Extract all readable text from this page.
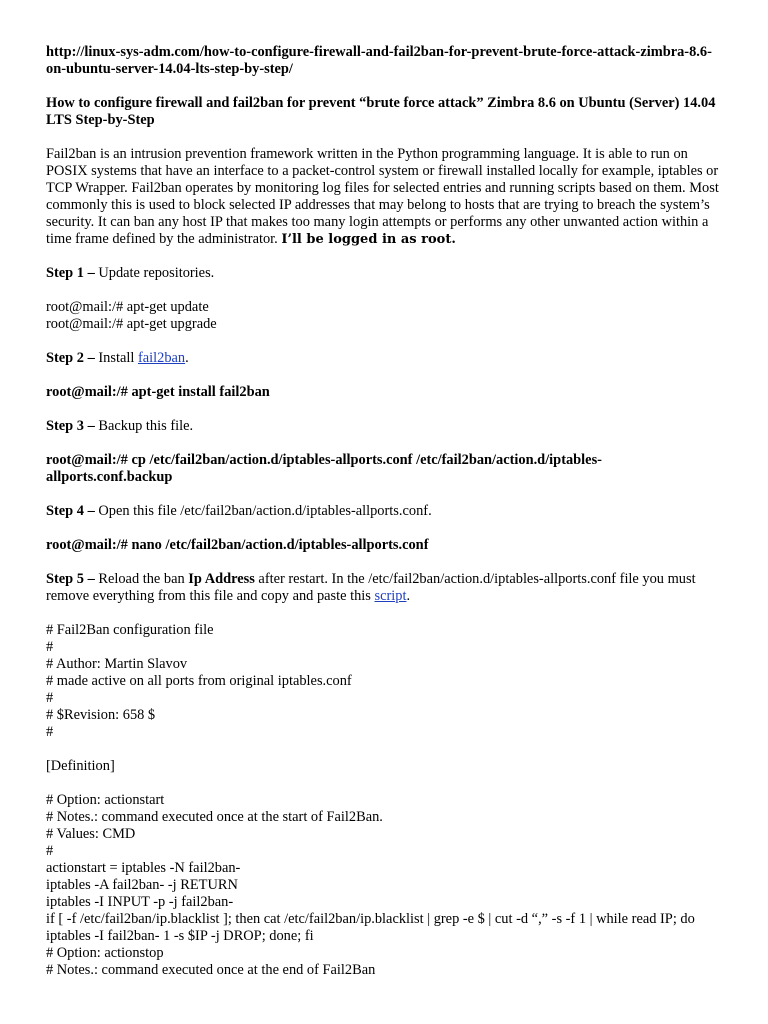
http://linux-sys-adm.com/how-to-configure-firewall-and-fail2ban-for-prevent-brute-force-attack-zimbra-8.6-on-ubuntu-server-14.04-lts-step-by-step/

How to configure firewall and fail2ban for prevent “brute force attack” Zimbra 8.6 on Ubuntu (Server) 14.04 LTS Step-by-Step

Fail2ban is an intrusion prevention framework written in the Python programming language. It is able to run on POSIX systems that have an interface to a packet-control system or firewall installed locally for example, iptables or TCP Wrapper. Fail2ban operates by monitoring log files for selected entries and running scripts based on them. Most commonly this is used to block selected IP addresses that may belong to hosts that are trying to breach the system’s security. It can ban any host IP that makes too many login attempts or performs any other unwanted action within a time frame defined by the administrator. I’ll be logged in as root.

Step 1 – Update repositories.

root@mail:/# apt-get update

root@mail:/# apt-get upgrade

Step 2 – Install fail2ban.

root@mail:/# apt-get install fail2ban

Step 3 – Backup this file.

root@mail:/# cp /etc/fail2ban/action.d/iptables-allports.conf /etc/fail2ban/action.d/iptables-allports.conf.backup

Step 4 – Open this file /etc/fail2ban/action.d/iptables-allports.conf.

root@mail:/# nano /etc/fail2ban/action.d/iptables-allports.conf

Step 5 – Reload the ban Ip Address after restart. In the /etc/fail2ban/action.d/iptables-allports.conf file you must remove everything from this file and copy and paste this script.

# Fail2Ban configuration file

#

# Author: Martin Slavov

# made active on all ports from original iptables.conf

#

# $Revision: 658 $

#

[Definition]

# Option: actionstart

# Notes.: command executed once at the start of Fail2Ban.

# Values: CMD

#

actionstart = iptables -N fail2ban-

iptables -A fail2ban- -j RETURN

iptables -I INPUT -p -j fail2ban-

if [ -f /etc/fail2ban/ip.blacklist ]; then cat /etc/fail2ban/ip.blacklist | grep -e $ | cut -d “,” -s -f 1 | while read IP; do iptables -I fail2ban- 1 -s $IP -j DROP; done; fi

# Option: actionstop

# Notes.: command executed once at the end of Fail2Ban
